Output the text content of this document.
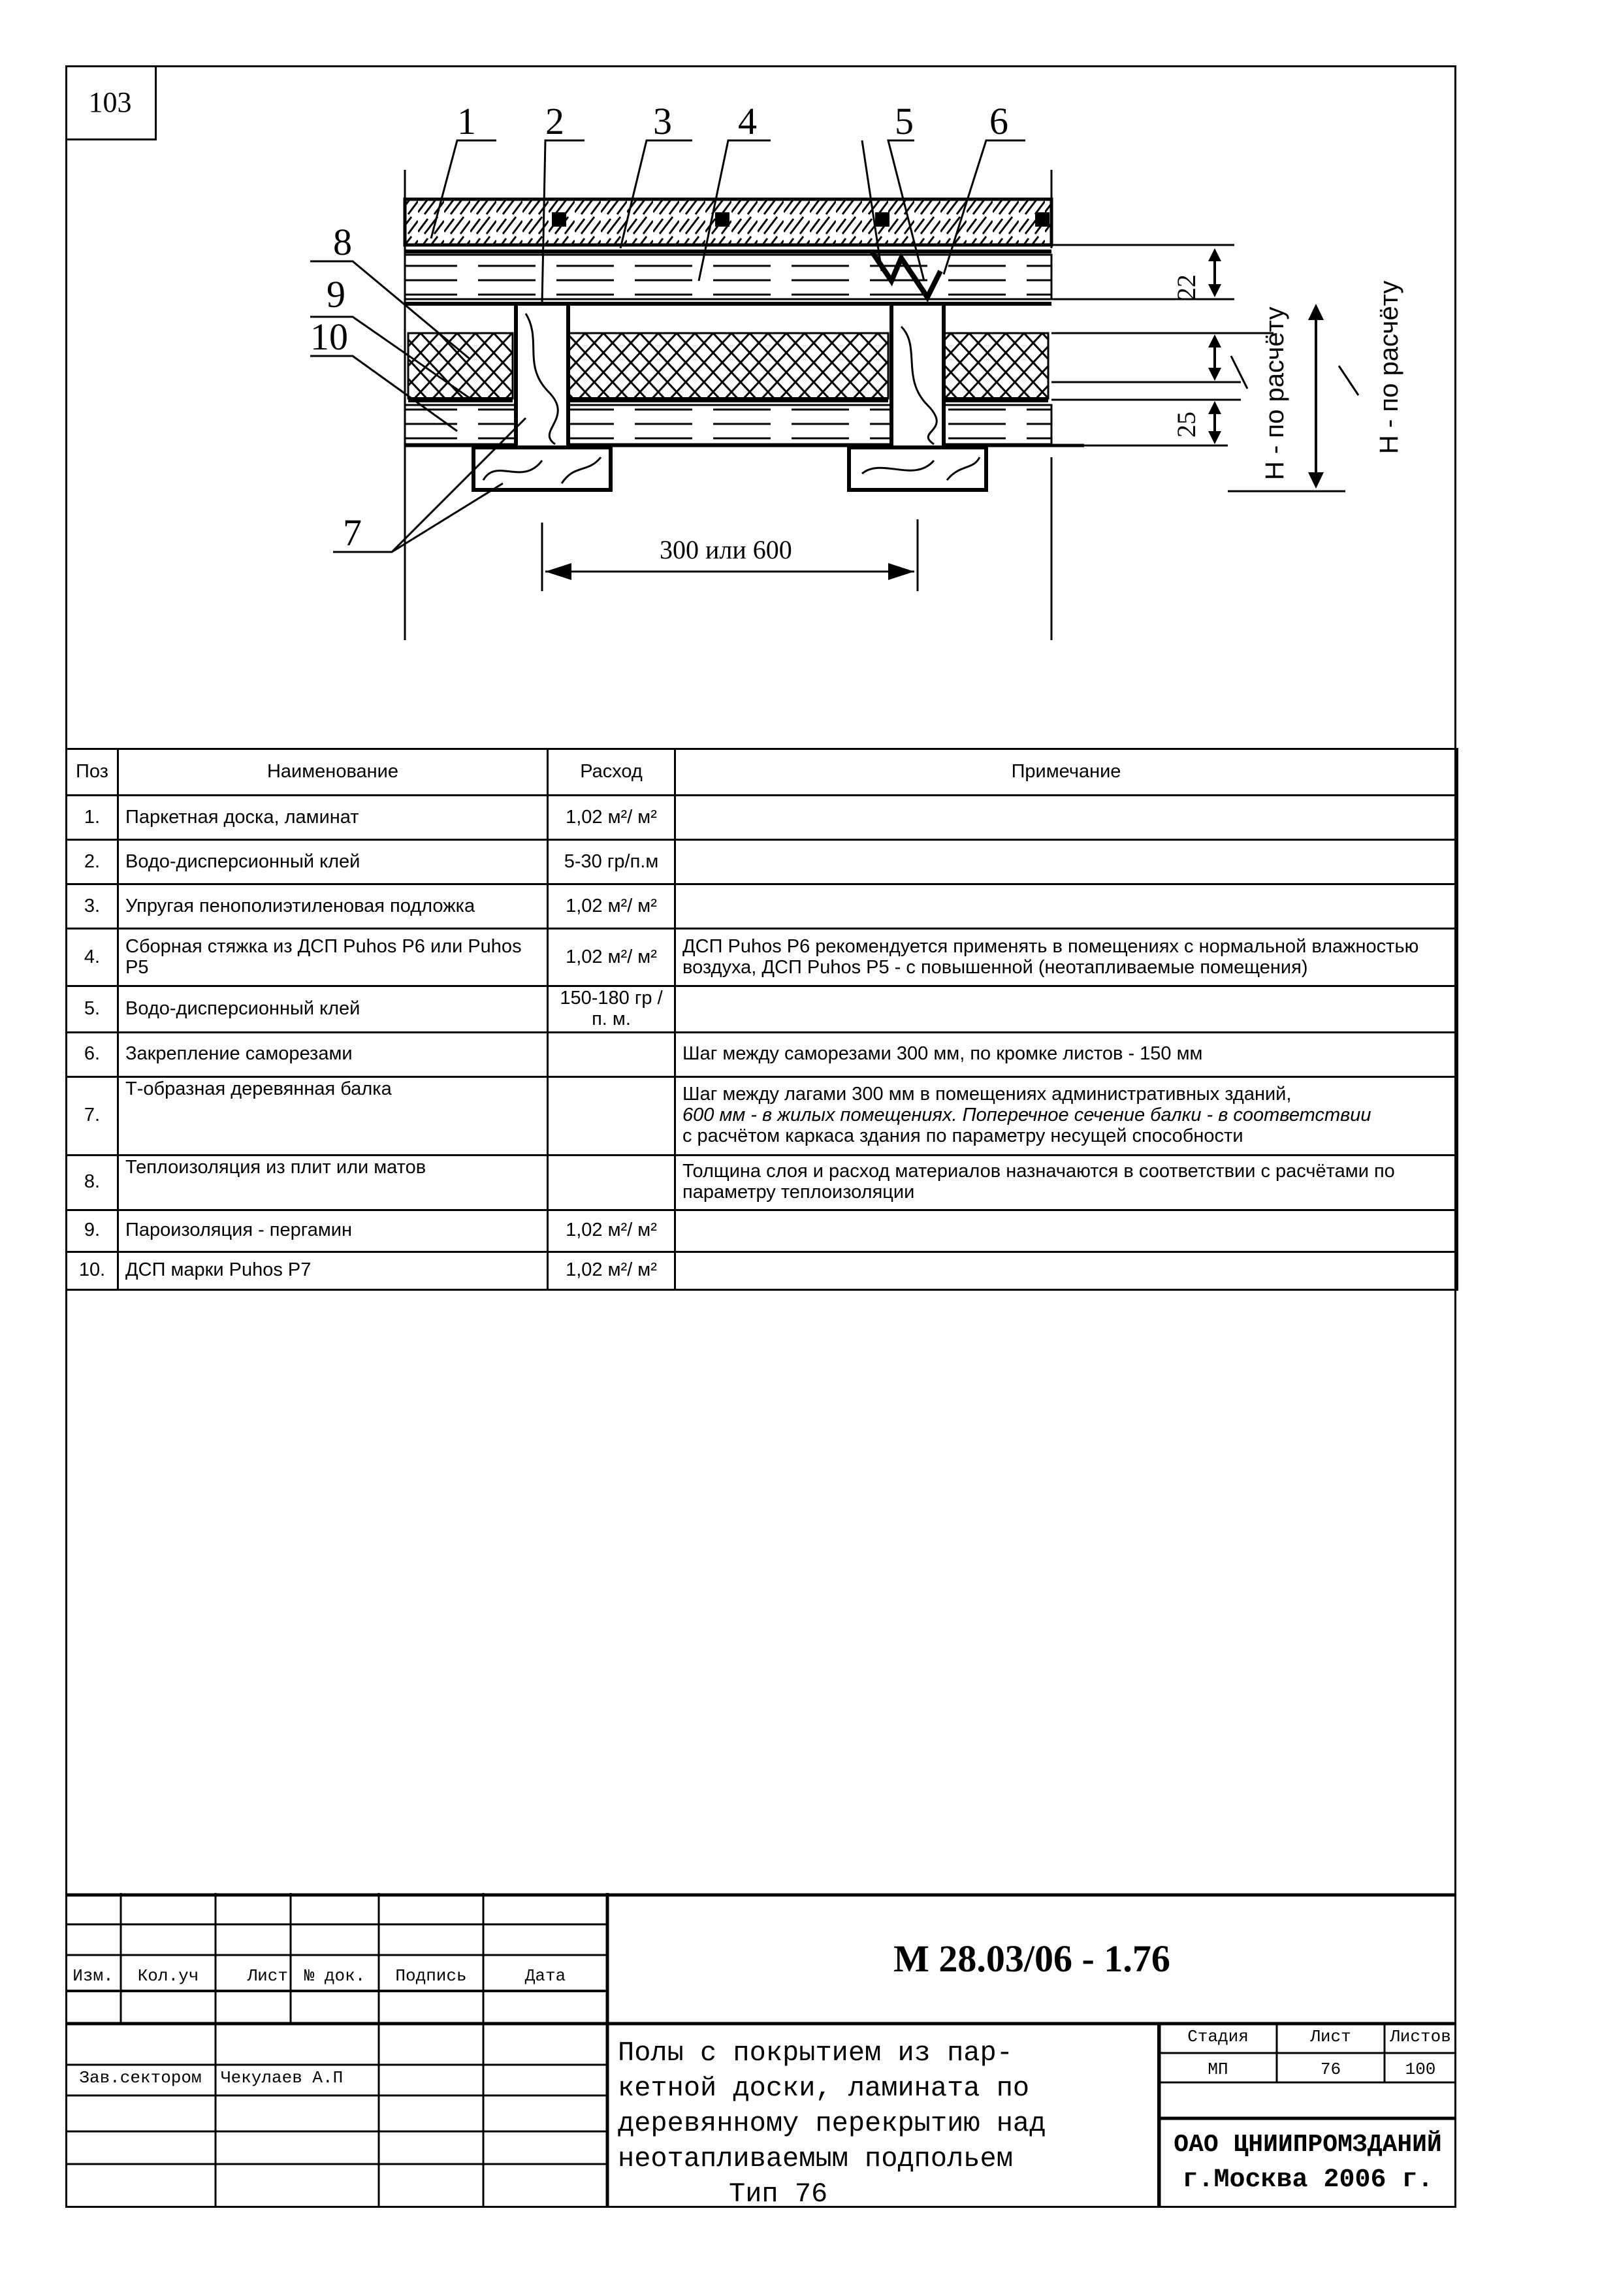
103	1 2 3 4	5 6
7
8
9
10
300 или 600
22
25 H - по расчёту	H - по расчёту
Поз	Наименование	Расход	Примечание
1.	Паркетная доска, ламинат	1,02 м²/ м²	
2.	Водо-дисперсионный клей	5-30 гр/п.м	
3.	Упругая пенополиэтиленовая подложка	1,02 м²/ м²	
4.	Сборная стяжка из ДСП Puhos P6 или Puhos P5	1,02 м²/ м²	ДСП Puhos P6 рекомендуется применять в помещениях с нормальной влажностью воздуха, ДСП Puhos P5 - с повышенной (неотапливаемые помещения)
5.	Водо-дисперсионный клей	150-180 гр /п. м.	
6.	Закрепление саморезами		Шаг между саморезами 300 мм, по кромке листов - 150 мм
7.	Т-образная деревянная балка		Шаг между лагами 300 мм в помещениях административных зданий,
600 мм - в жилых помещениях. Поперечное сечение балки - в соответствии
с расчётом каркаса здания по параметру несущей способности

8.	Теплоизоляция из плит или матов		Толщина слоя и расход материалов назначаются в соответствии с расчётами по параметру теплоизоляции
9.	Пароизоляция - пергамин	1,02 м²/ м²	
10.	ДСП марки Puhos P7	1,02 м²/ м²	
Изм.	Кол.уч	Лист № док.	Подпись	Дата
Зав.сектором	Чекулаев А.П
М 28.03/06 - 1.76
Полы с покрытием из пар-
кетной доски, ламината по
деревянному перекрытию над
неотапливаемым подпольем
Тип 76
Стадия	Лист	Листов
МП	76	100
ОАО ЦНИИПРОМЗДАНИЙ
г.Москва 2006 г.
